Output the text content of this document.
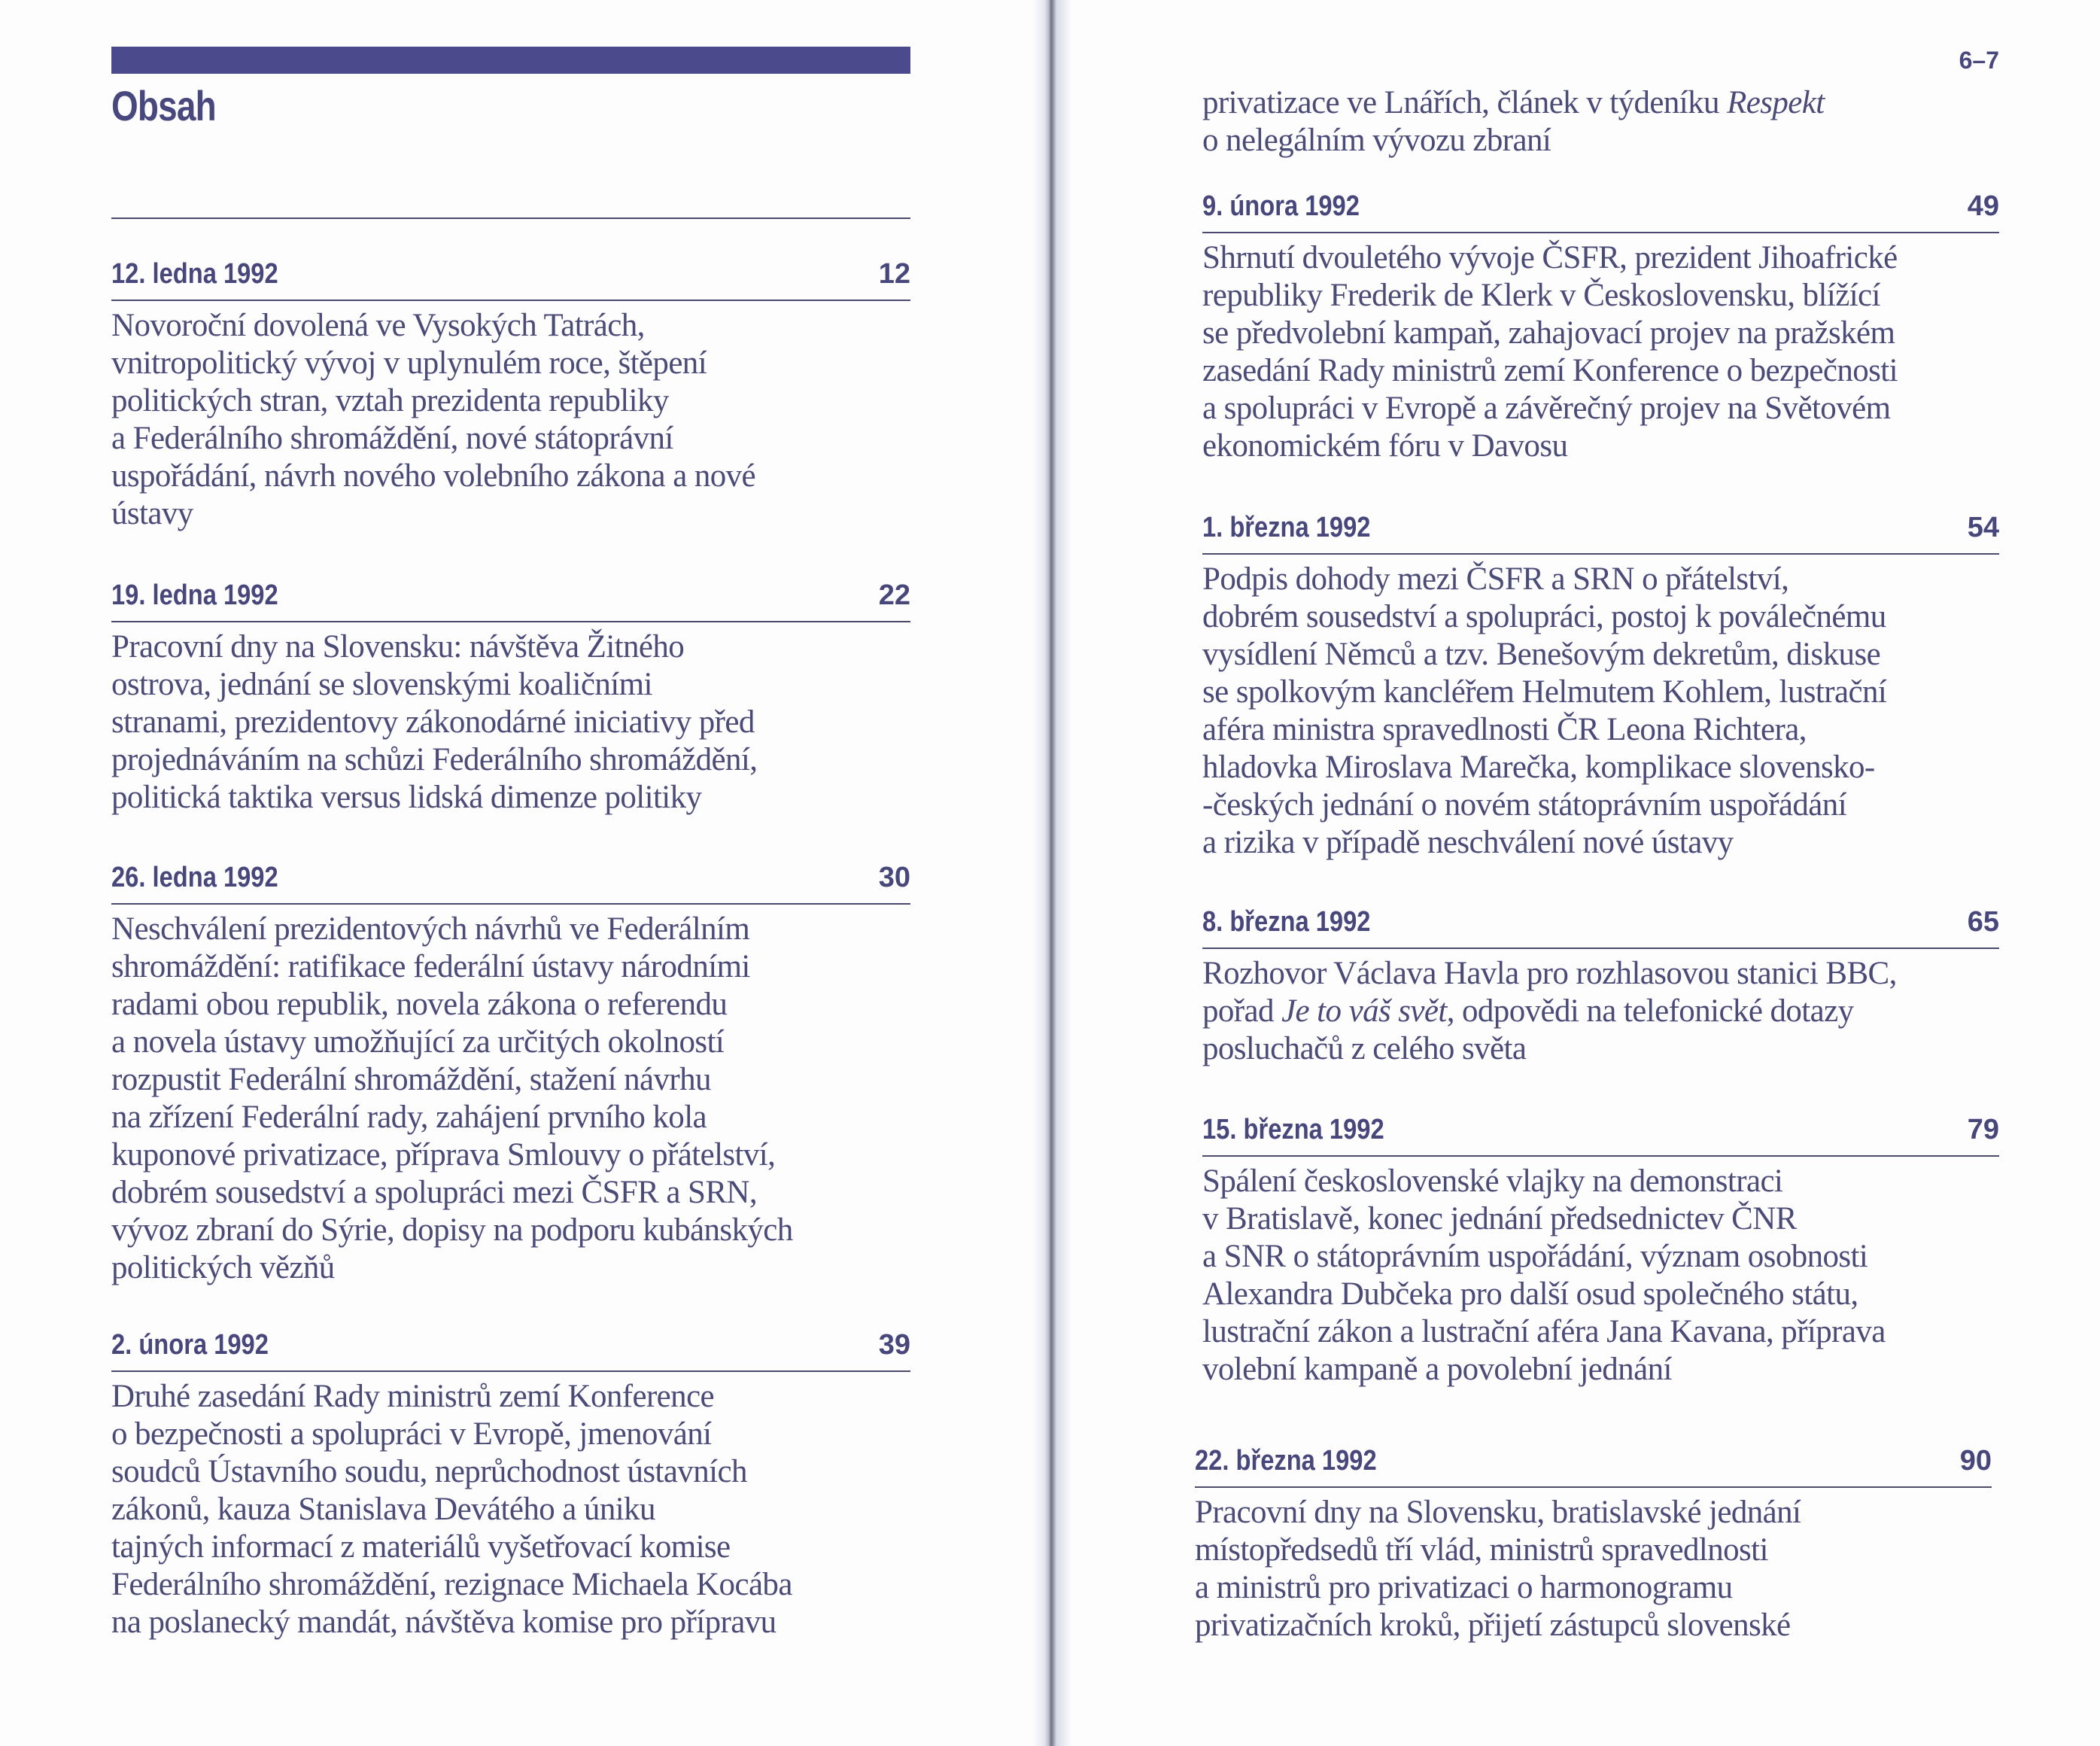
Obsah
12. ledna 1992	12
Novoroční dovolená ve Vysokých Tatrách,
vnitropolitický vývoj v uplynulém roce, štěpení
politických stran, vztah prezidenta republiky
a Federálního shromáždění, nové státoprávní
uspořádání, návrh nového volebního zákona a nové
ústavy
19. ledna 1992	22
Pracovní dny na Slovensku: návštěva Žitného
ostrova, jednání se slovenskými koaličními
stranami, prezidentovy zákonodárné iniciativy před
projednáváním na schůzi Federálního shromáždění,
politická taktika versus lidská dimenze politiky
26. ledna 1992	30
Neschválení prezidentových návrhů ve Federálním
shromáždění: ratifikace federální ústavy národními
radami obou republik, novela zákona o referendu
a novela ústavy umožňující za určitých okolností
rozpustit Federální shromáždění, stažení návrhu
na zřízení Federální rady, zahájení prvního kola
kuponové privatizace, příprava Smlouvy o přátelství,
dobrém sousedství a spolupráci mezi ČSFR a SRN,
vývoz zbraní do Sýrie, dopisy na podporu kubánských
politických vězňů
2. února 1992	39
Druhé zasedání Rady ministrů zemí Konference
o bezpečnosti a spolupráci v Evropě, jmenování
soudců Ústavního soudu, neprůchodnost ústavních
zákonů, kauza Stanislava Devátého a úniku
tajných informací z materiálů vyšetřovací komise
Federálního shromáždění, rezignace Michaela Kocába
na poslanecký mandát, návštěva komise pro přípravu
6–7
privatizace ve Lnářích, článek v týdeníku Respekt
o nelegálním vývozu zbraní
9. února 1992	49
Shrnutí dvouletého vývoje ČSFR, prezident Jihoafrické
republiky Frederik de Klerk v Československu, blížící
se předvolební kampaň, zahajovací projev na pražském
zasedání Rady ministrů zemí Konference o bezpečnosti
a spolupráci v Evropě a závěrečný projev na Světovém
ekonomickém fóru v Davosu
1. března 1992	54
Podpis dohody mezi ČSFR a SRN o přátelství,
dobrém sousedství a spolupráci, postoj k poválečnému
vysídlení Němců a tzv. Benešovým dekretům, diskuse
se spolkovým kancléřem Helmutem Kohlem, lustrační
aféra ministra spravedlnosti ČR Leona Richtera,
hladovka Miroslava Marečka, komplikace slovensko-
-českých jednání o novém státoprávním uspořádání
a rizika v případě neschválení nové ústavy
8. března 1992	65
Rozhovor Václava Havla pro rozhlasovou stanici BBC,
pořad Je to váš svět, odpovědi na telefonické dotazy
posluchačů z celého světa
15. března 1992	79
Spálení československé vlajky na demonstraci
v Bratislavě, konec jednání předsednictev ČNR
a SNR o státoprávním uspořádání, význam osobnosti
Alexandra Dubčeka pro další osud společného státu,
lustrační zákon a lustrační aféra Jana Kavana, příprava
volební kampaně a povolební jednání
22. března 1992	90
Pracovní dny na Slovensku, bratislavské jednání
místopředsedů tří vlád, ministrů spravedlnosti
a ministrů pro privatizaci o harmonogramu
privatizačních kroků, přijetí zástupců slovenské
